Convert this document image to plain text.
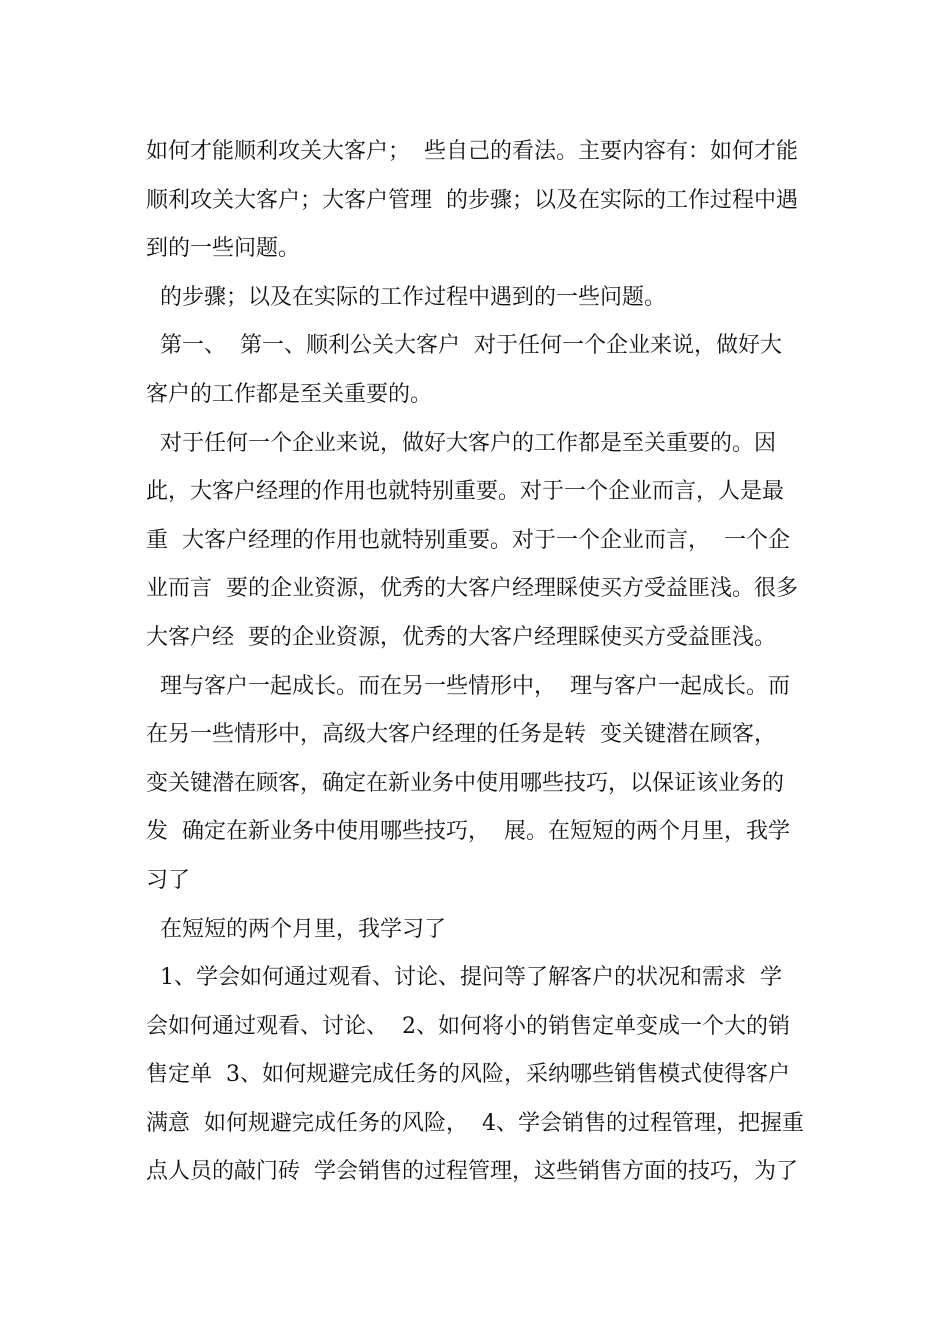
如何才能顺利攻关大客户；  些自己的看法。主要内容有：如何才能
顺利攻关大客户；大客户管理  的步骤；以及在实际的工作过程中遇
到的一些问题。
的步骤；以及在实际的工作过程中遇到的一些问题。
第一、  第一、顺利公关大客户  对于任何一个企业来说，做好大
客户的工作都是至关重要的。
对于任何一个企业来说，做好大客户的工作都是至关重要的。因
此，大客户经理的作用也就特别重要。对于一个企业而言，人是最
重  大客户经理的作用也就特别重要。对于一个企业而言，  一个企
业而言  要的企业资源，优秀的大客户经理睬使买方受益匪浅。很多
大客户经  要的企业资源，优秀的大客户经理睬使买方受益匪浅。
理与客户一起成长。而在另一些情形中，  理与客户一起成长。而
在另一些情形中，高级大客户经理的任务是转  变关键潜在顾客，
变关键潜在顾客，确定在新业务中使用哪些技巧，以保证该业务的
发  确定在新业务中使用哪些技巧，  展。在短短的两个月里，我学
习了
在短短的两个月里，我学习了
1、学会如何通过观看、讨论、提问等了解客户的状况和需求  学
会如何通过观看、讨论、  2、如何将小的销售定单变成一个大的销
售定单  3、如何规避完成任务的风险，采纳哪些销售模式使得客户
满意  如何规避完成任务的风险，  4、学会销售的过程管理，把握重
点人员的敲门砖  学会销售的过程管理，这些销售方面的技巧，为了
